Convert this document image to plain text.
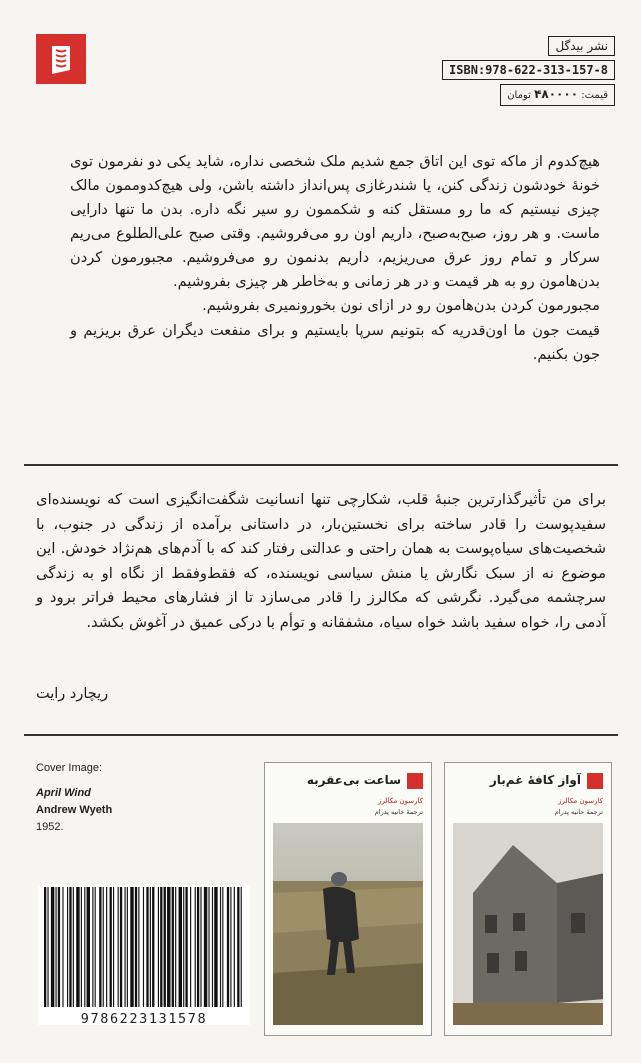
نشر بیدگل
ISBN:978-622-313-157-8
قیمت: ۴۸۰۰۰۰ تومان

هیچ‌کدوم از ماکه توی این اتاق جمع شدیم ملک شخصی نداره، شاید یکی دو نفرمون توی خونۀ خودشون زندگی کنن، یا شندرغازی پس‌انداز داشته باشن، ولی هیچ‌کدوممون مالک چیزی نیستیم که ما رو مستقل کنه و شکممون رو سیر نگه داره. بدن ما تنها دارایی ماست. و هر روز، صبح‌به‌صبح، داریم اون رو می‌فروشیم. وقتی صبح علی‌الطلوع می‌ریم سرکار و تمام روز عرق می‌ریزیم، داریم بدنمون رو می‌فروشیم. مجبورمون کردن بدن‌هامون رو به هر قیمت و در هر زمانی و به‌خاطر هر چیزی بفروشیم.

مجبورمون کردن بدن‌هامون رو در ازای نون بخورونمیری بفروشیم.

قیمت جون ما اون‌قدریه که بتونیم سرپا بایستیم و برای منفعت دیگران عرق بریزیم و جون بکنیم.

برای من تأثیرگذارترین جنبۀ قلب، شکارچی تنها انسانیت شگفت‌انگیزی است که نویسنده‌ای سفیدپوست را قادر ساخته برای نخستین‌بار، در داستانی برآمده از زندگی در جنوب، با شخصیت‌های سیاه‌پوست به همان راحتی و عدالتی رفتار کند که با آدم‌های هم‌نژاد خودش. این موضوع نه از سبک نگارش یا منش سیاسی نویسنده، که فقط‌وفقط از نگاه او به زندگی سرچشمه می‌گیرد. نگرشی که مکالرز را قادر می‌سازد تا از فشارهای محیط فراتر برود و آدمی را، خواه سفید باشد خواه سیاه، مشفقانه و توأم با درکی عمیق در آغوش بکشد.
ریچارد رایت
Cover Image:
April Wind
Andrew Wyeth
1952.
ساعت بی‌عقربه
کارسون مکالرز
ترجمۀ حانیه پدرام
آواز کافۀ غم‌بار
کارسون مکالرز
ترجمۀ حانیه پدرام
9786223131578
